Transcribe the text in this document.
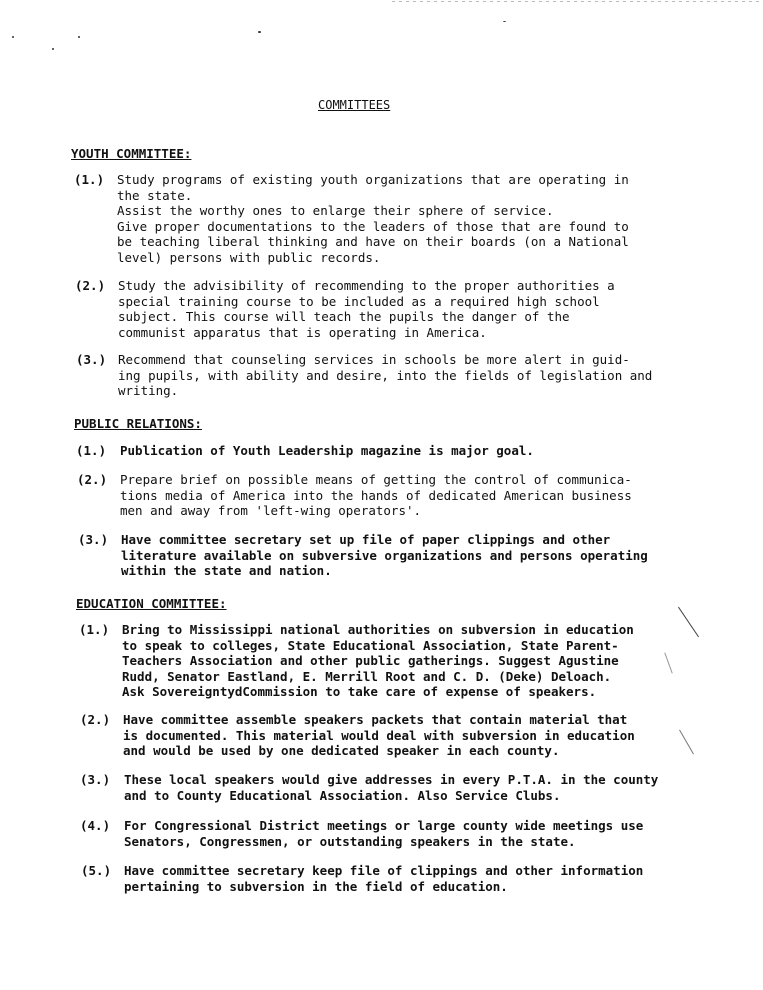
COMMITTEES
YOUTH COMMITTEE:
(1.) Study programs of existing youth organizations that are operating in
the state.
Assist the worthy ones to enlarge their sphere of service.
Give proper documentations to the leaders of those that are found to
be teaching liberal thinking and have on their boards (on a National
level) persons with public records.
(2.) Study the advisibility of recommending to the proper authorities a
special training course to be included as a required high school
subject. This course will teach the pupils the danger of the
communist apparatus that is operating in America.
(3.) Recommend that counseling services in schools be more alert in guid-
ing pupils, with ability and desire, into the fields of legislation and
writing.
PUBLIC RELATIONS:
(1.) Publication of Youth Leadership magazine is major goal.
(2.) Prepare brief on possible means of getting the control of communica-
tions media of America into the hands of dedicated American business
men and away from 'left-wing operators'.
(3.) Have committee secretary set up file of paper clippings and other
literature available on subversive organizations and persons operating
within the state and nation.
EDUCATION COMMITTEE:
(1.) Bring to Mississippi national authorities on subversion in education
to speak to colleges, State Educational Association, State Parent-
Teachers Association and other public gatherings. Suggest Agustine
Rudd, Senator Eastland, E. Merrill Root and C. D. (Deke) Deloach.
Ask SovereigntydCommission to take care of expense of speakers.
(2.) Have committee assemble speakers packets that contain material that
is documented. This material would deal with subversion in education
and would be used by one dedicated speaker in each county.
(3.) These local speakers would give addresses in every P.T.A. in the county
and to County Educational Association. Also Service Clubs.
(4.) For Congressional District meetings or large county wide meetings use
Senators, Congressmen, or outstanding speakers in the state.
(5.) Have committee secretary keep file of clippings and other information
pertaining to subversion in the field of education.
